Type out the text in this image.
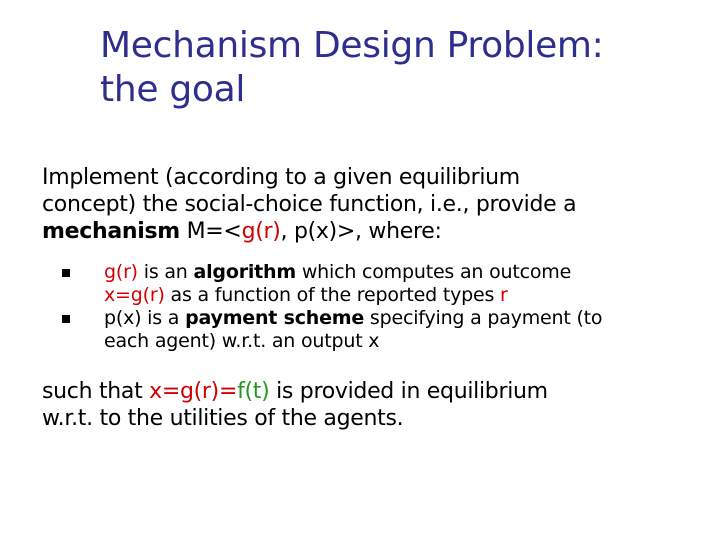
Mechanism Design Problem:
the goal
Implement (according to a given equilibrium
concept) the social-choice function, i.e., provide a
mechanism M=<g(r), p(x)>, where:
g(r) is an algorithm which computes an outcome
x=g(r) as a function of the reported types r
p(x) is a payment scheme specifying a payment (to
each agent) w.r.t. an output x
such that x=g(r)=f(t) is provided in equilibrium
w.r.t. to the utilities of the agents.
